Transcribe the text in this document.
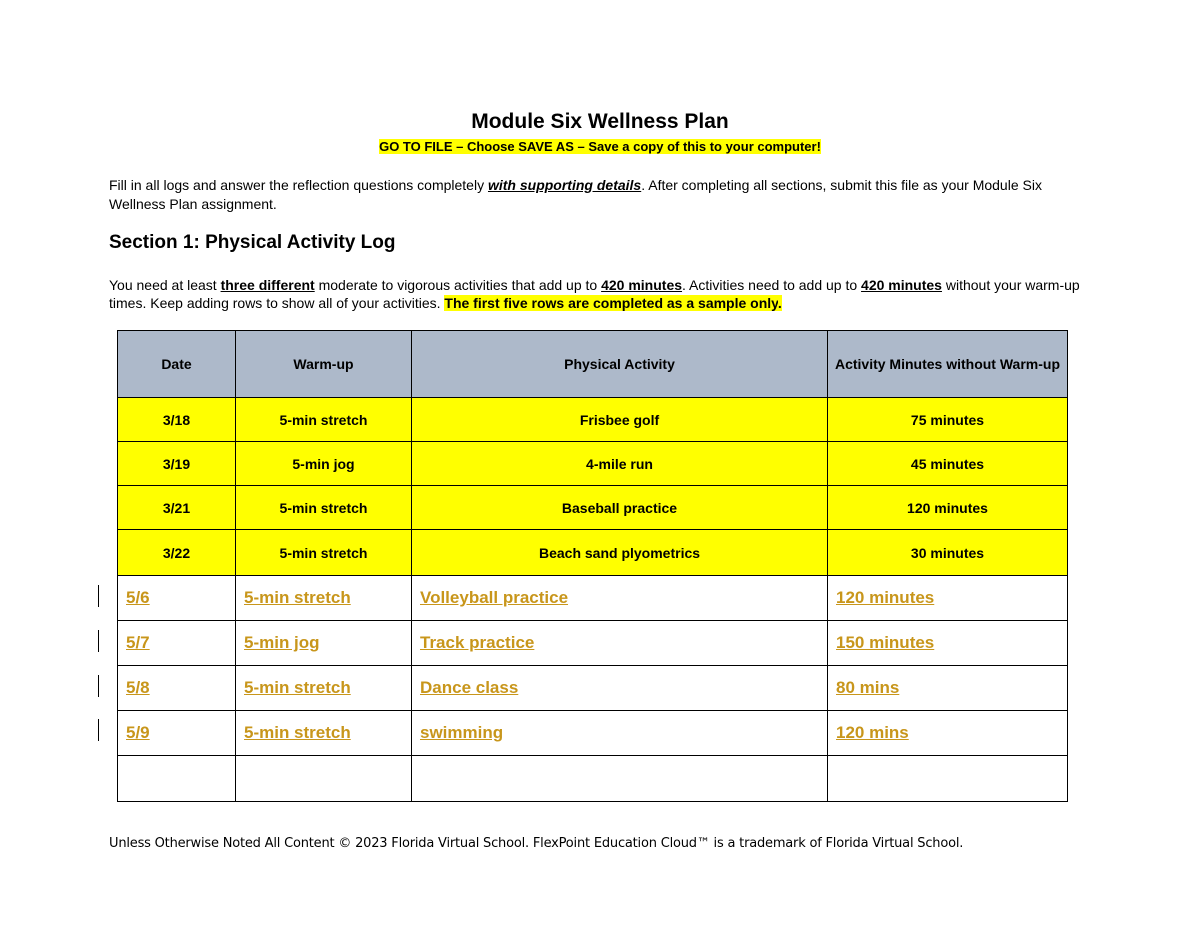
Module Six Wellness Plan
GO TO FILE – Choose SAVE AS – Save a copy of this to your computer!
Fill in all logs and answer the reflection questions completely with supporting details. After completing all sections, submit this file as your Module Six Wellness Plan assignment.
Section 1: Physical Activity Log
You need at least three different moderate to vigorous activities that add up to 420 minutes. Activities need to add up to 420 minutes without your warm-up times. Keep adding rows to show all of your activities. The first five rows are completed as a sample only.
Date	Warm-up	Physical Activity	Activity Minutes without Warm-up
3/18	5-min stretch	Frisbee golf	75 minutes
3/19	5-min jog	4-mile run	45 minutes
3/21	5-min stretch	Baseball practice	120 minutes
3/22	5-min stretch	Beach sand plyometrics	30 minutes
5/6	5-min stretch	Volleyball practice	120 minutes
5/7	5-min jog	Track practice	150 minutes
5/8	5-min stretch	Dance class	80 mins
5/9	5-min stretch	swimming	120 mins

Unless Otherwise Noted All Content © 2023 Florida Virtual School. FlexPoint Education Cloud™ is a trademark of Florida Virtual School.
